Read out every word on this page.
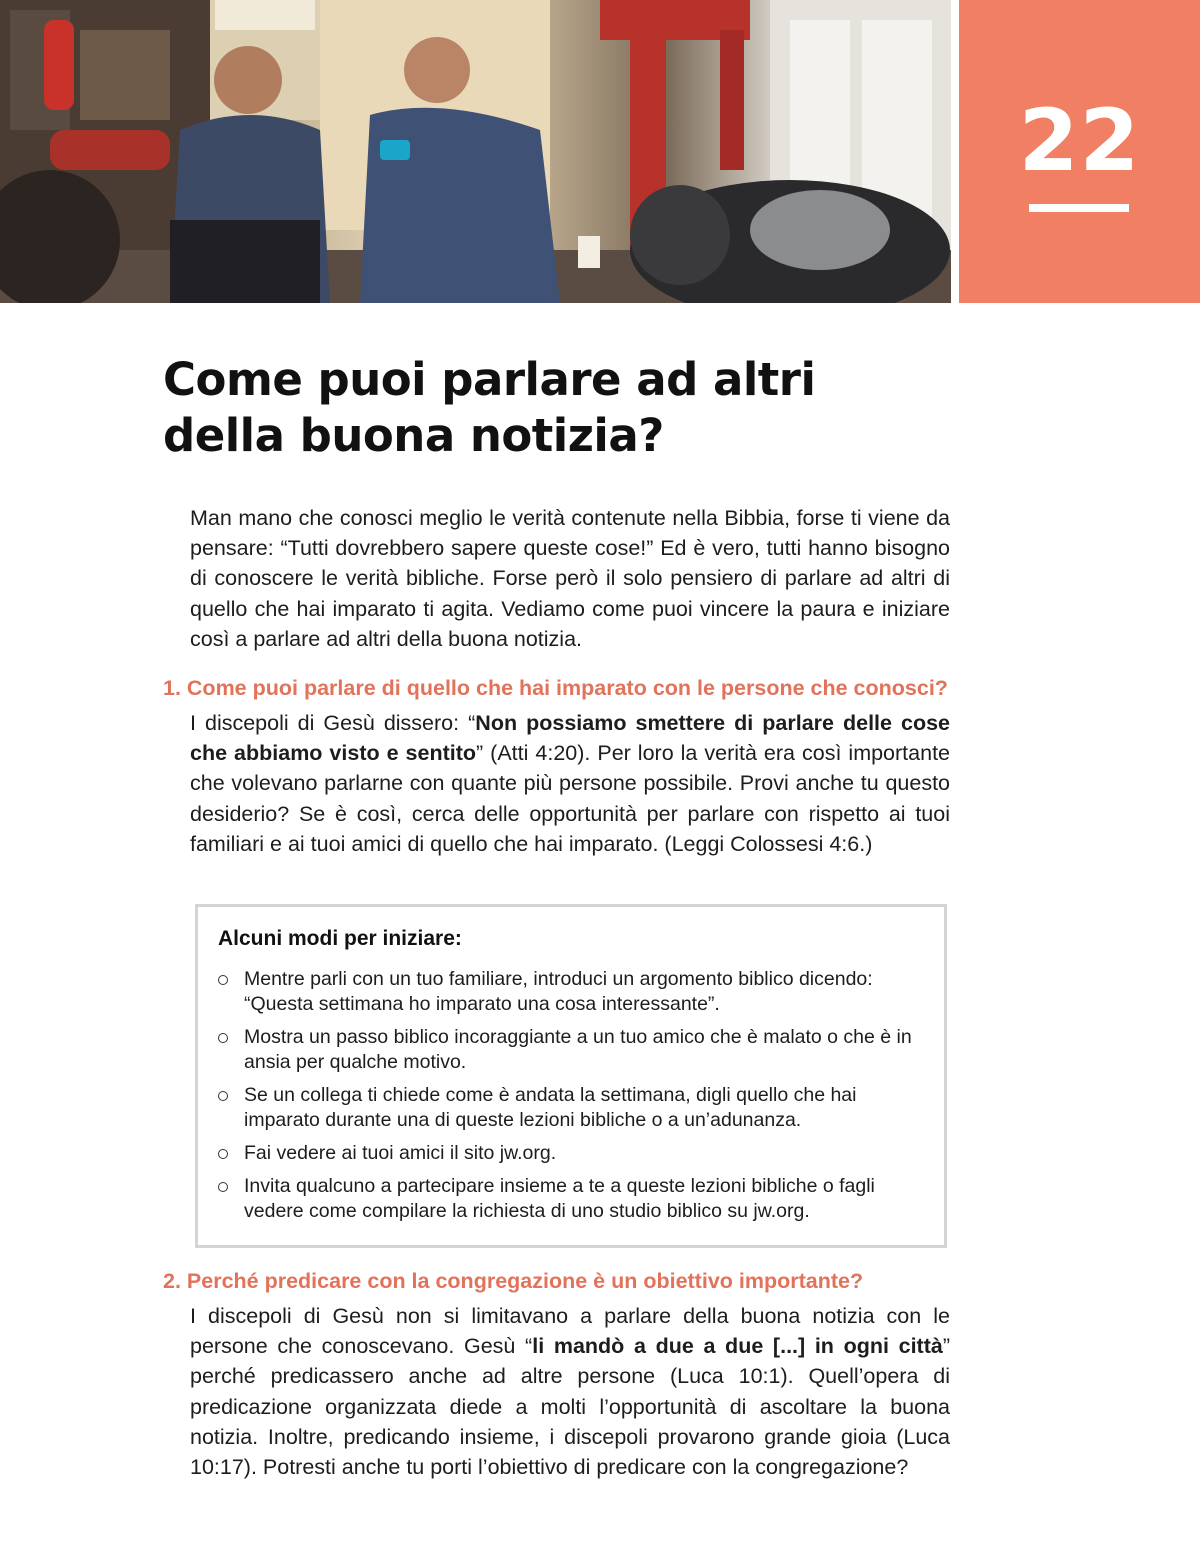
22
Come puoi parlare ad altri
della buona notizia?

Man mano che conosci meglio le verità contenute nella Bibbia, forse ti viene da pensare: “Tutti dovrebbero sapere queste cose!” Ed è vero, tutti hanno bisogno di conoscere le verità bibliche. Forse però il solo pensiero di parlare ad altri di quello che hai imparato ti agita. Vediamo come puoi vincere la paura e iniziare così a parlare ad altri della buona notizia.

1. Come puoi parlare di quello che hai imparato con le persone che conosci?

I discepoli di Gesù dissero: “Non possiamo smettere di parlare delle cose che abbiamo visto e sentito” (Atti 4:20). Per loro la verità era così importante che volevano parlarne con quante più persone possibile. Provi anche tu questo desiderio? Se è così, cerca delle opportunità per parlare con rispetto ai tuoi familiari e ai tuoi amici di quello che hai imparato. (Leggi Colossesi 4:6.)

Alcuni modi per iniziare:
Mentre parli con un tuo familiare, introduci un argomento biblico dicendo: “Questa settimana ho imparato una cosa interessante”.
Mostra un passo biblico incoraggiante a un tuo amico che è malato o che è in ansia per qualche motivo.
Se un collega ti chiede come è andata la settimana, digli quello che hai imparato durante una di queste lezioni bibliche o a un’adunanza.
Fai vedere ai tuoi amici il sito jw.org.
Invita qualcuno a partecipare insieme a te a queste lezioni bibliche o fagli vedere come compilare la richiesta di uno studio biblico su jw.org.
2. Perché predicare con la congregazione è un obiettivo importante?

I discepoli di Gesù non si limitavano a parlare della buona notizia con le persone che conoscevano. Gesù “li mandò a due a due [...] in ogni città” perché predicassero anche ad altre persone (Luca 10:1). Quell’opera di predicazione organizzata diede a molti l’opportunità di ascoltare la buona notizia. Inoltre, predicando insieme, i discepoli provarono grande gioia (Luca 10:17). Potresti anche tu porti l’obiettivo di predicare con la congregazione?
